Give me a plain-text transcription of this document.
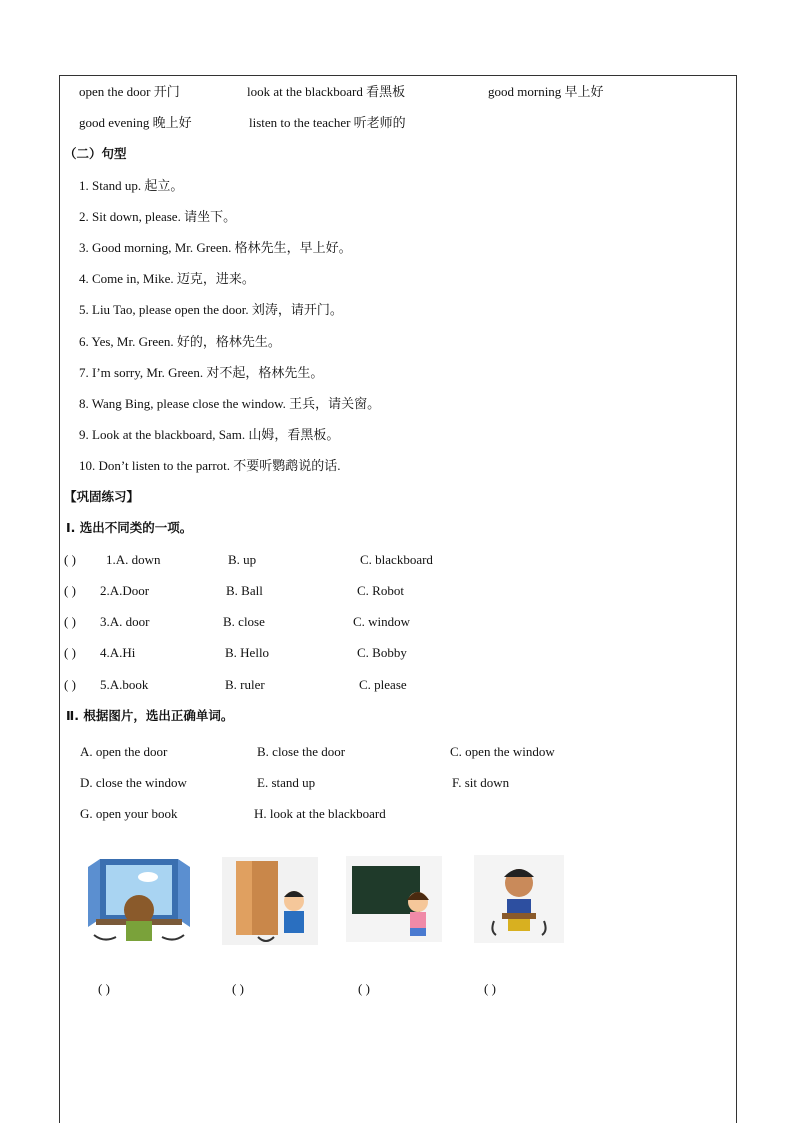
open the door 开门	look at the blackboard 看黑板	good morning 早上好
good evening 晚上好	listen to the teacher 听老师的
（二）句型
1. Stand up. 起立。
2. Sit down, please. 请坐下。
3. Good morning, Mr. Green. 格林先生，早上好。
4. Come in, Mike. 迈克，进来。
5. Liu Tao, please open the door. 刘涛，请开门。
6. Yes, Mr. Green. 好的，格林先生。
7. I’m sorry, Mr. Green. 对不起，格林先生。
8. Wang Bing, please close the window. 王兵，请关窗。
9. Look at the blackboard, Sam. 山姆，看黑板。
10. Don’t listen to the parrot. 不要听鹦鹉说的话.
【巩固练习】
Ⅰ. 选出不同类的一项。
( ) 1.A. down	B. up	C. blackboard
( ) 2.A.Door	B. Ball	C. Robot
( ) 3.A. door	B. close	C. window
( ) 4.A.Hi	B. Hello	C. Bobby
( ) 5.A.book	B. ruler	C. please
Ⅱ. 根据图片，选出正确单词。
A. open the door	B. close the door	C. open the window
D. close the window	E. stand up	F. sit down
G. open your book	H. look at the blackboard
( )	( )	( )	( )
